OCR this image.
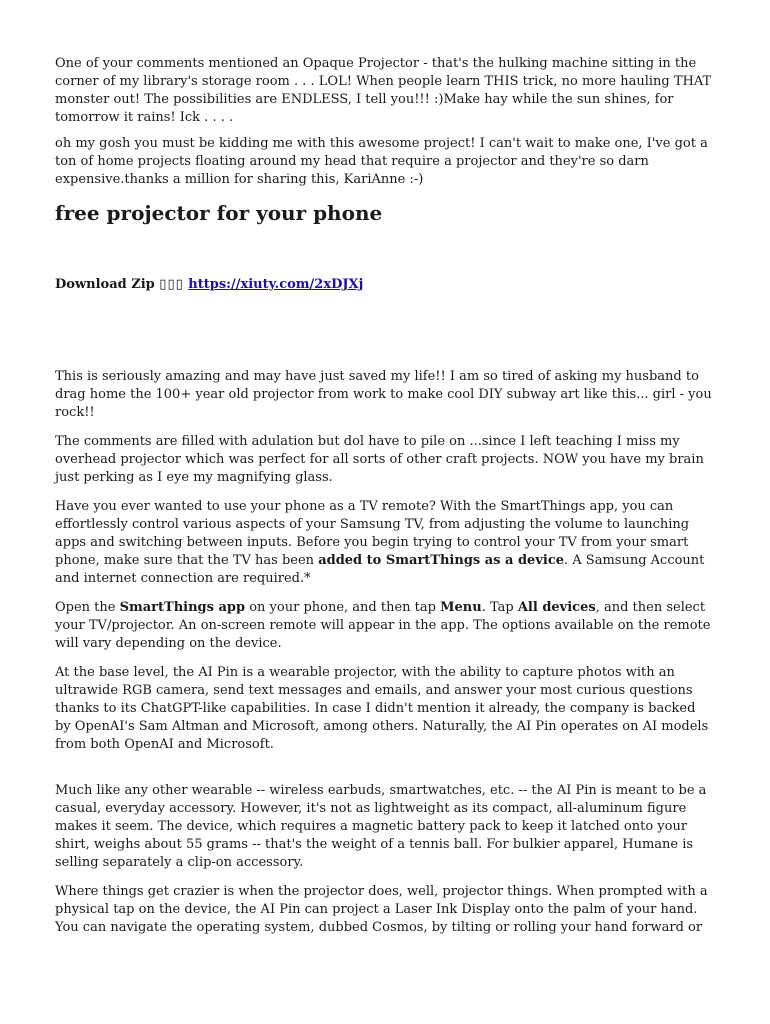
One of your comments mentioned an Opaque Projector - that's the hulking machine sitting in the corner of my library's storage room . . . LOL! When people learn THIS trick, no more hauling THAT monster out! The possibilities are ENDLESS, I tell you!!! :)Make hay while the sun shines, for tomorrow it rains! Ick . . . .

oh my gosh you must be kidding me with this awesome project! I can't wait to make one, I've got a ton of home projects floating around my head that require a projector and they're so darn expensive.thanks a million for sharing this, KariAnne :-)

free projector for your phone

Download Zip ▯▯▯ https://xiuty.com/2xDJXj

This is seriously amazing and may have just saved my life!! I am so tired of asking my husband to drag home the 100+ year old projector from work to make cool DIY subway art like this... girl - you rock!!

The comments are filled with adulation but dol have to pile on ...since I left teaching I miss my overhead projector which was perfect for all sorts of other craft projects. NOW you have my brain just perking as I eye my magnifying glass.

Have you ever wanted to use your phone as a TV remote? With the SmartThings app, you can effortlessly control various aspects of your Samsung TV, from adjusting the volume to launching apps and switching between inputs. Before you begin trying to control your TV from your smart phone, make sure that the TV has been added to SmartThings as a device. A Samsung Account and internet connection are required.*

Open the SmartThings app on your phone, and then tap Menu. Tap All devices, and then select your TV/projector. An on-screen remote will appear in the app. The options available on the remote will vary depending on the device.

At the base level, the AI Pin is a wearable projector, with the ability to capture photos with an ultrawide RGB camera, send text messages and emails, and answer your most curious questions thanks to its ChatGPT-like capabilities. In case I didn't mention it already, the company is backed by OpenAI's Sam Altman and Microsoft, among others. Naturally, the AI Pin operates on AI models from both OpenAI and Microsoft.

Much like any other wearable -- wireless earbuds, smartwatches, etc. -- the AI Pin is meant to be a casual, everyday accessory. However, it's not as lightweight as its compact, all-aluminum figure makes it seem. The device, which requires a magnetic battery pack to keep it latched onto your shirt, weighs about 55 grams -- that's the weight of a tennis ball. For bulkier apparel, Humane is selling separately a clip-on accessory.

Where things get crazier is when the projector does, well, projector things. When prompted with a physical tap on the device, the AI Pin can project a Laser Ink Display onto the palm of your hand. You can navigate the operating system, dubbed Cosmos, by tilting or rolling your hand forward or
